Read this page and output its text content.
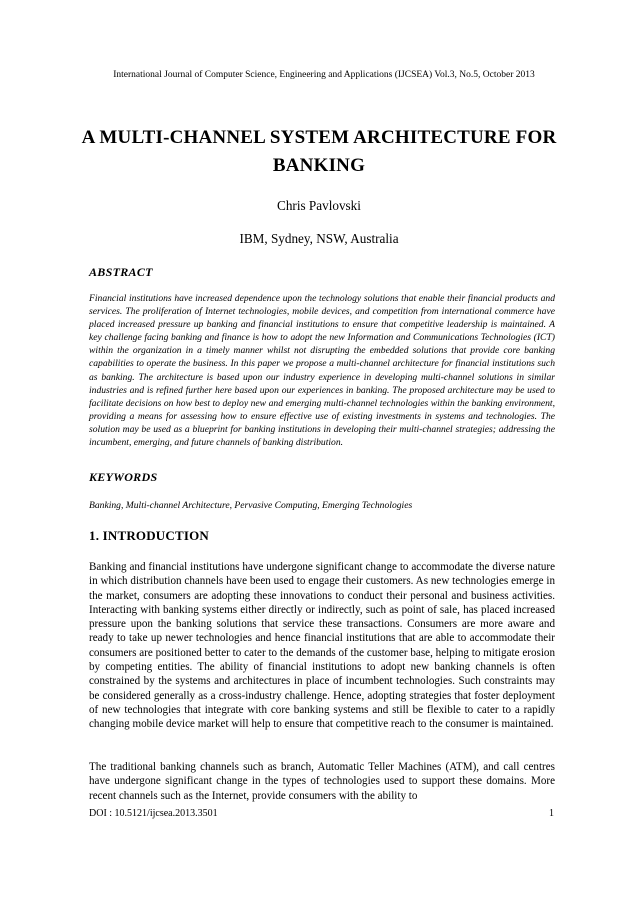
International Journal of Computer Science, Engineering and Applications (IJCSEA) Vol.3, No.5, October 2013
A MULTI-CHANNEL SYSTEM ARCHITECTURE FOR
BANKING
Chris Pavlovski
IBM, Sydney, NSW, Australia
ABSTRACT

Financial institutions have increased dependence upon the technology solutions that enable their financial products and services. The proliferation of Internet technologies, mobile devices, and competition from international commerce have placed increased pressure up banking and financial institutions to ensure that competitive leadership is maintained. A key challenge facing banking and finance is how to adopt the new Information and Communications Technologies (ICT) within the organization in a timely manner whilst not disrupting the embedded solutions that provide core banking capabilities to operate the business. In this paper we propose a multi-channel architecture for financial institutions such as banking. The architecture is based upon our industry experience in developing multi-channel solutions in similar industries and is refined further here based upon our experiences in banking. The proposed architecture may be used to facilitate decisions on how best to deploy new and emerging multi-channel technologies within the banking environment, providing a means for assessing how to ensure effective use of existing investments in systems and technologies. The solution may be used as a blueprint for banking institutions in developing their multi-channel strategies; addressing the incumbent, emerging, and future channels of banking distribution.

KEYWORDS

Banking, Multi-channel Architecture, Pervasive Computing, Emerging Technologies

1. INTRODUCTION

Banking and financial institutions have undergone significant change to accommodate the diverse nature in which distribution channels have been used to engage their customers. As new technologies emerge in the market, consumers are adopting these innovations to conduct their personal and business activities. Interacting with banking systems either directly or indirectly, such as point of sale, has placed increased pressure upon the banking solutions that service these transactions. Consumers are more aware and ready to take up newer technologies and hence financial institutions that are able to accommodate their consumers are positioned better to cater to the demands of the customer base, helping to mitigate erosion by competing entities. The ability of financial institutions to adopt new banking channels is often constrained by the systems and architectures in place of incumbent technologies. Such constraints may be considered generally as a cross-industry challenge. Hence, adopting strategies that foster deployment of new technologies that integrate with core banking systems and still be flexible to cater to a rapidly changing mobile device market will help to ensure that competitive reach to the consumer is maintained.

The traditional banking channels such as branch, Automatic Teller Machines (ATM), and call centres have undergone significant change in the types of technologies used to support these domains. More recent channels such as the Internet, provide consumers with the ability to

DOI : 10.5121/ijcsea.2013.3501	1
